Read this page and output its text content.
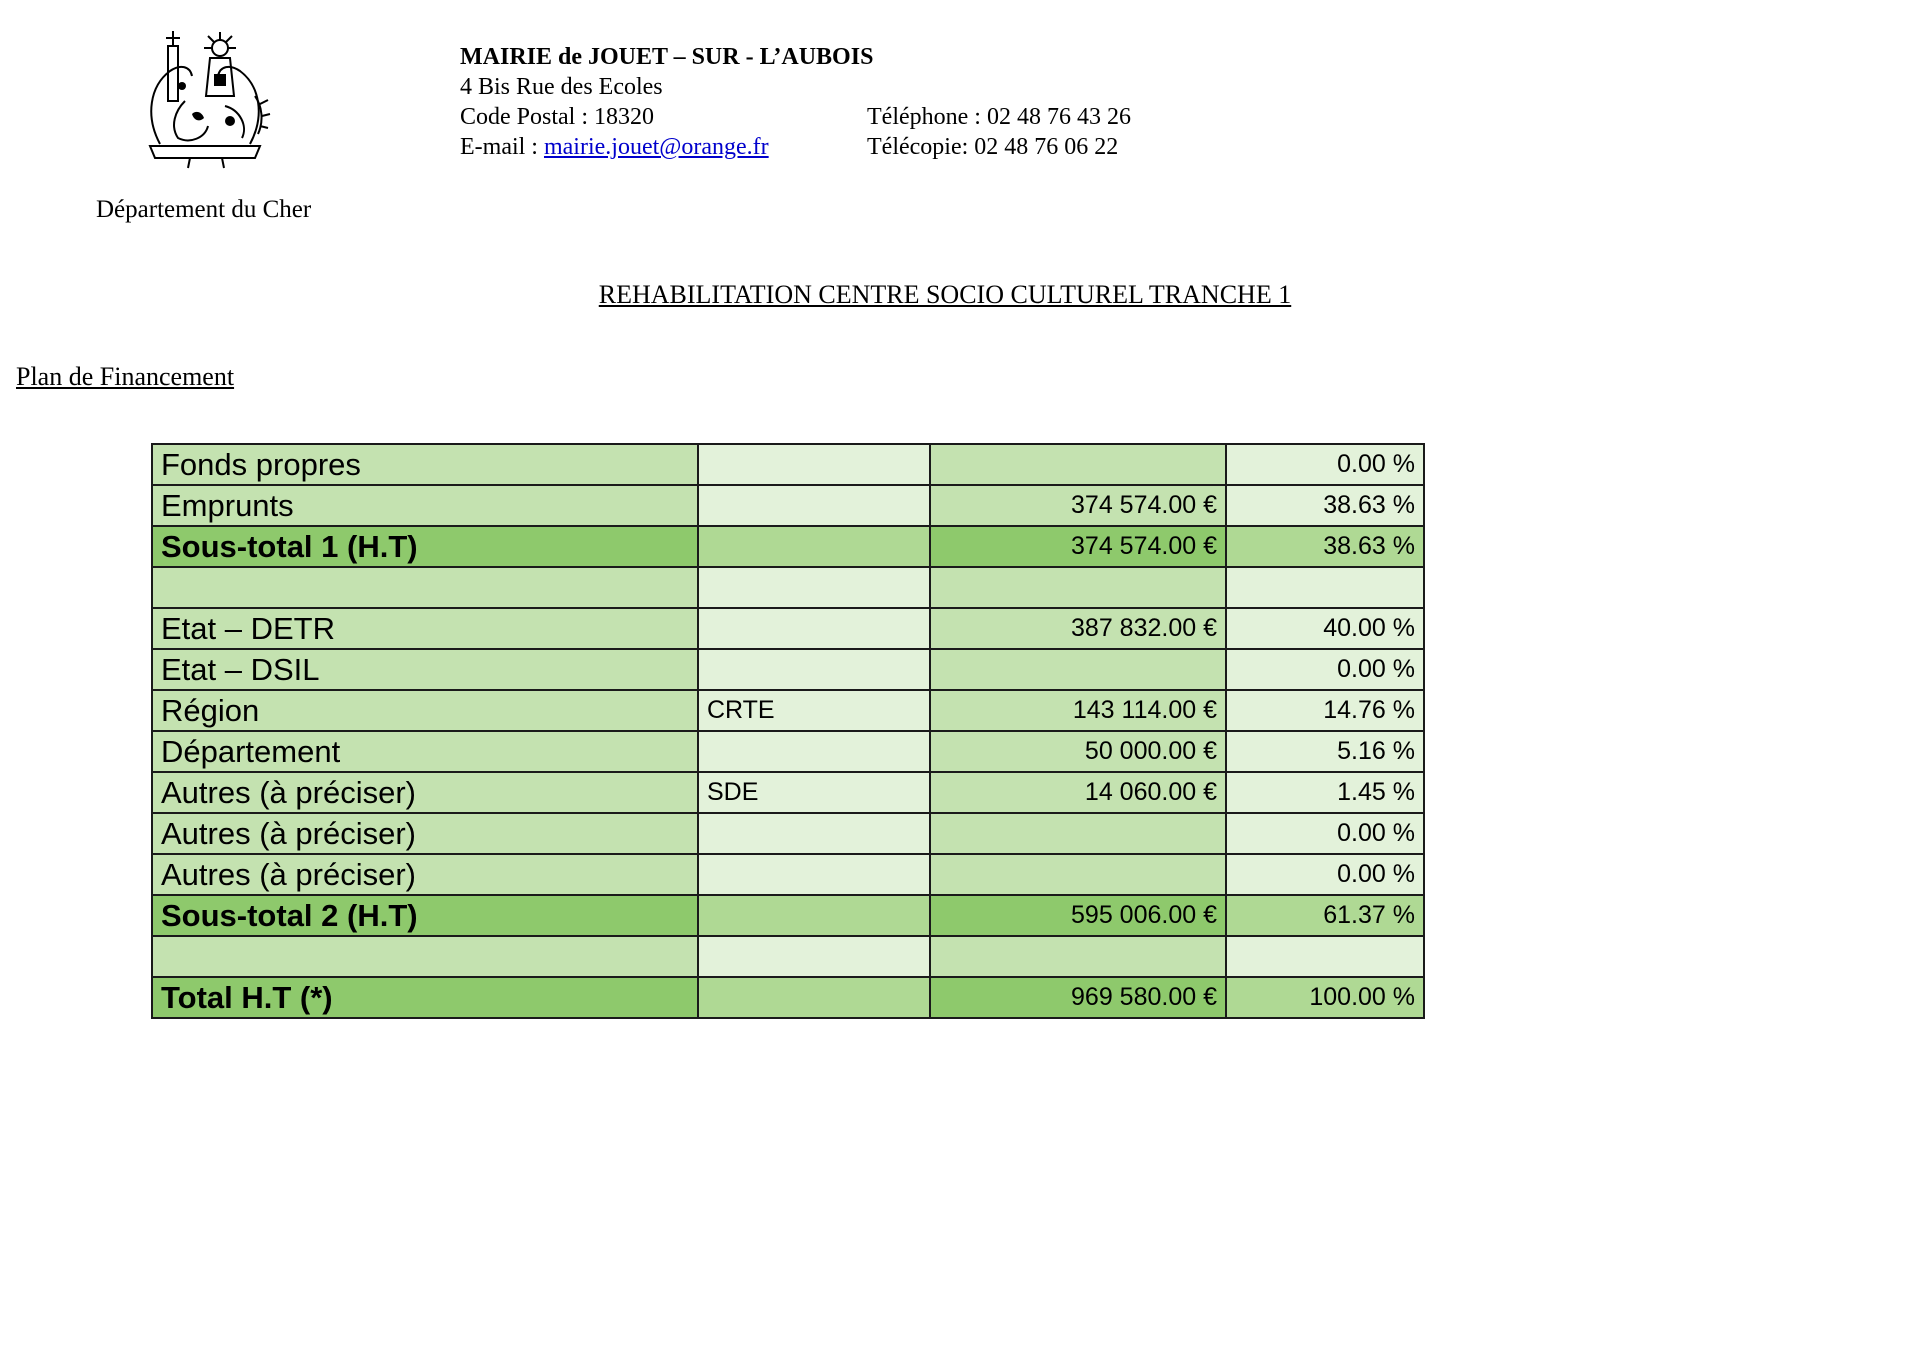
Département du Cher
MAIRIE de JOUET – SUR - L’AUBOIS
4 Bis Rue des Ecoles
Code Postal : 18320	Téléphone : 02 48 76 43 26
E-mail : mairie.jouet@orange.fr	Télécopie: 02 48 76 06 22
REHABILITATION CENTRE SOCIO CULTUREL TRANCHE 1
Plan de Financement
Fonds propres			0.00 %
Emprunts		374 574.00 €	38.63 %
Sous-total 1 (H.T)		374 574.00 €	38.63 %

Etat – DETR		387 832.00 €	40.00 %
Etat – DSIL			0.00 %
Région	CRTE	143 114.00 €	14.76 %
Département		50 000.00 €	5.16 %
Autres (à préciser)	SDE	14 060.00 €	1.45 %
Autres (à préciser)			0.00 %
Autres (à préciser)			0.00 %
Sous-total 2 (H.T)		595 006.00 €	61.37 %

Total H.T (*)		969 580.00 €	100.00 %
